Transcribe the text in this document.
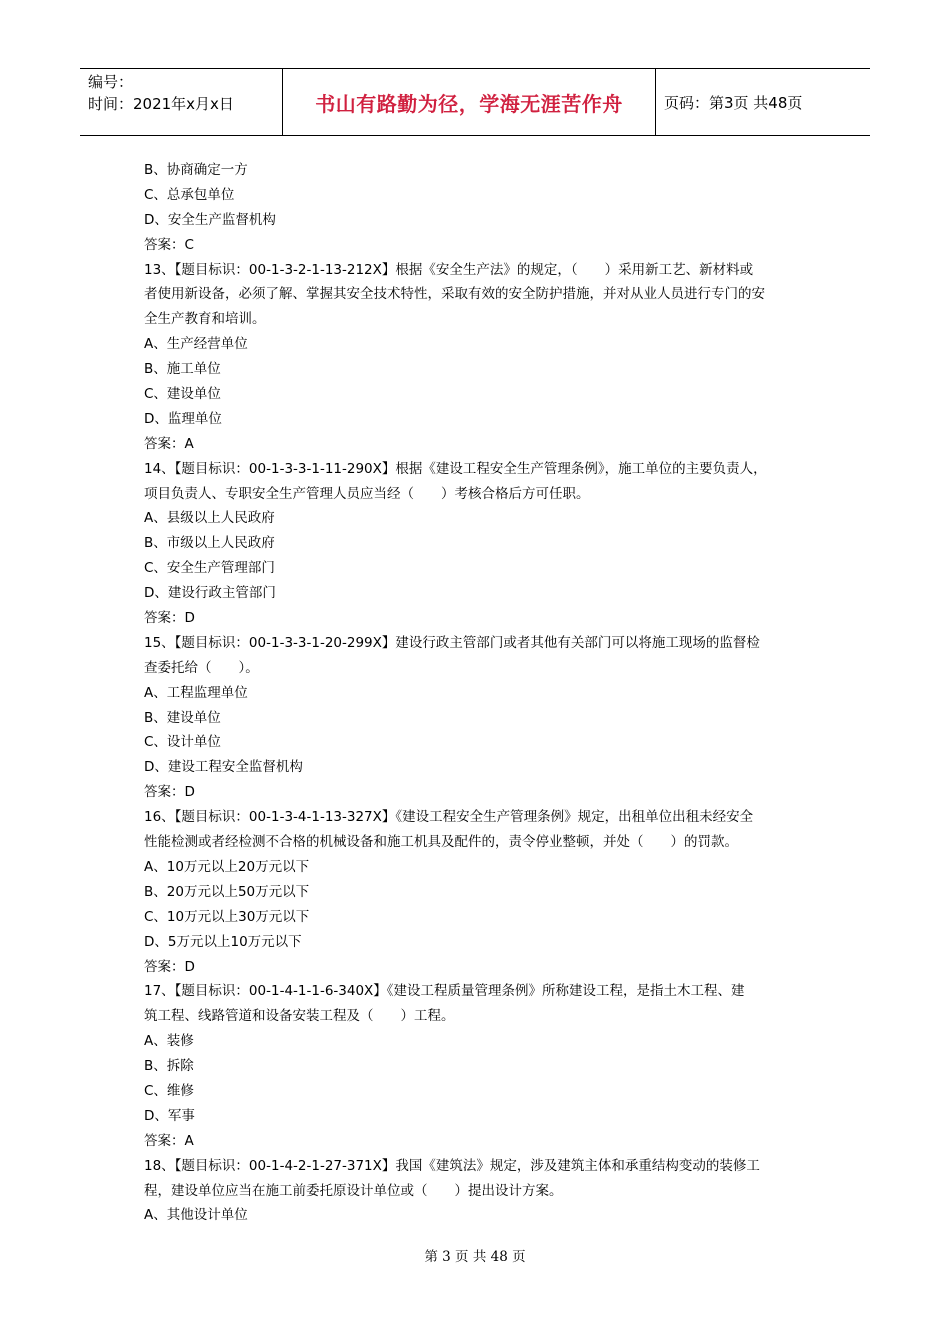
编号：
时间：2021年x月x日	书山有路勤为径，学海无涯苦作舟	页码：第3页 共48页
B、协商确定一方
C、总承包单位
D、安全生产监督机构
答案：C
13、【题目标识：00-1-3-2-1-13-212X】根据《安全生产法》的规定，（　　）采用新工艺、新材料或
者使用新设备，必须了解、掌握其安全技术特性，采取有效的安全防护措施，并对从业人员进行专门的安
全生产教育和培训。
A、生产经营单位
B、施工单位
C、建设单位
D、监理单位
答案：A
14、【题目标识：00-1-3-3-1-11-290X】根据《建设工程安全生产管理条例》，施工单位的主要负责人，
项目负责人、专职安全生产管理人员应当经（　　）考核合格后方可任职。
A、县级以上人民政府
B、市级以上人民政府
C、安全生产管理部门
D、建设行政主管部门
答案：D
15、【题目标识：00-1-3-3-1-20-299X】建设行政主管部门或者其他有关部门可以将施工现场的监督检
查委托给（　　）。
A、工程监理单位
B、建设单位
C、设计单位
D、建设工程安全监督机构
答案：D
16、【题目标识：00-1-3-4-1-13-327X】《建设工程安全生产管理条例》规定，出租单位出租未经安全
性能检测或者经检测不合格的机械设备和施工机具及配件的，责令停业整顿，并处（　　）的罚款。
A、10万元以上20万元以下
B、20万元以上50万元以下
C、10万元以上30万元以下
D、5万元以上10万元以下
答案：D
17、【题目标识：00-1-4-1-1-6-340X】《建设工程质量管理条例》所称建设工程，是指土木工程、建
筑工程、线路管道和设备安装工程及（　　）工程。
A、装修
B、拆除
C、维修
D、军事
答案：A
18、【题目标识：00-1-4-2-1-27-371X】我国《建筑法》规定，涉及建筑主体和承重结构变动的装修工
程，建设单位应当在施工前委托原设计单位或（　　）提出设计方案。
A、其他设计单位
第 3 页 共 48 页
